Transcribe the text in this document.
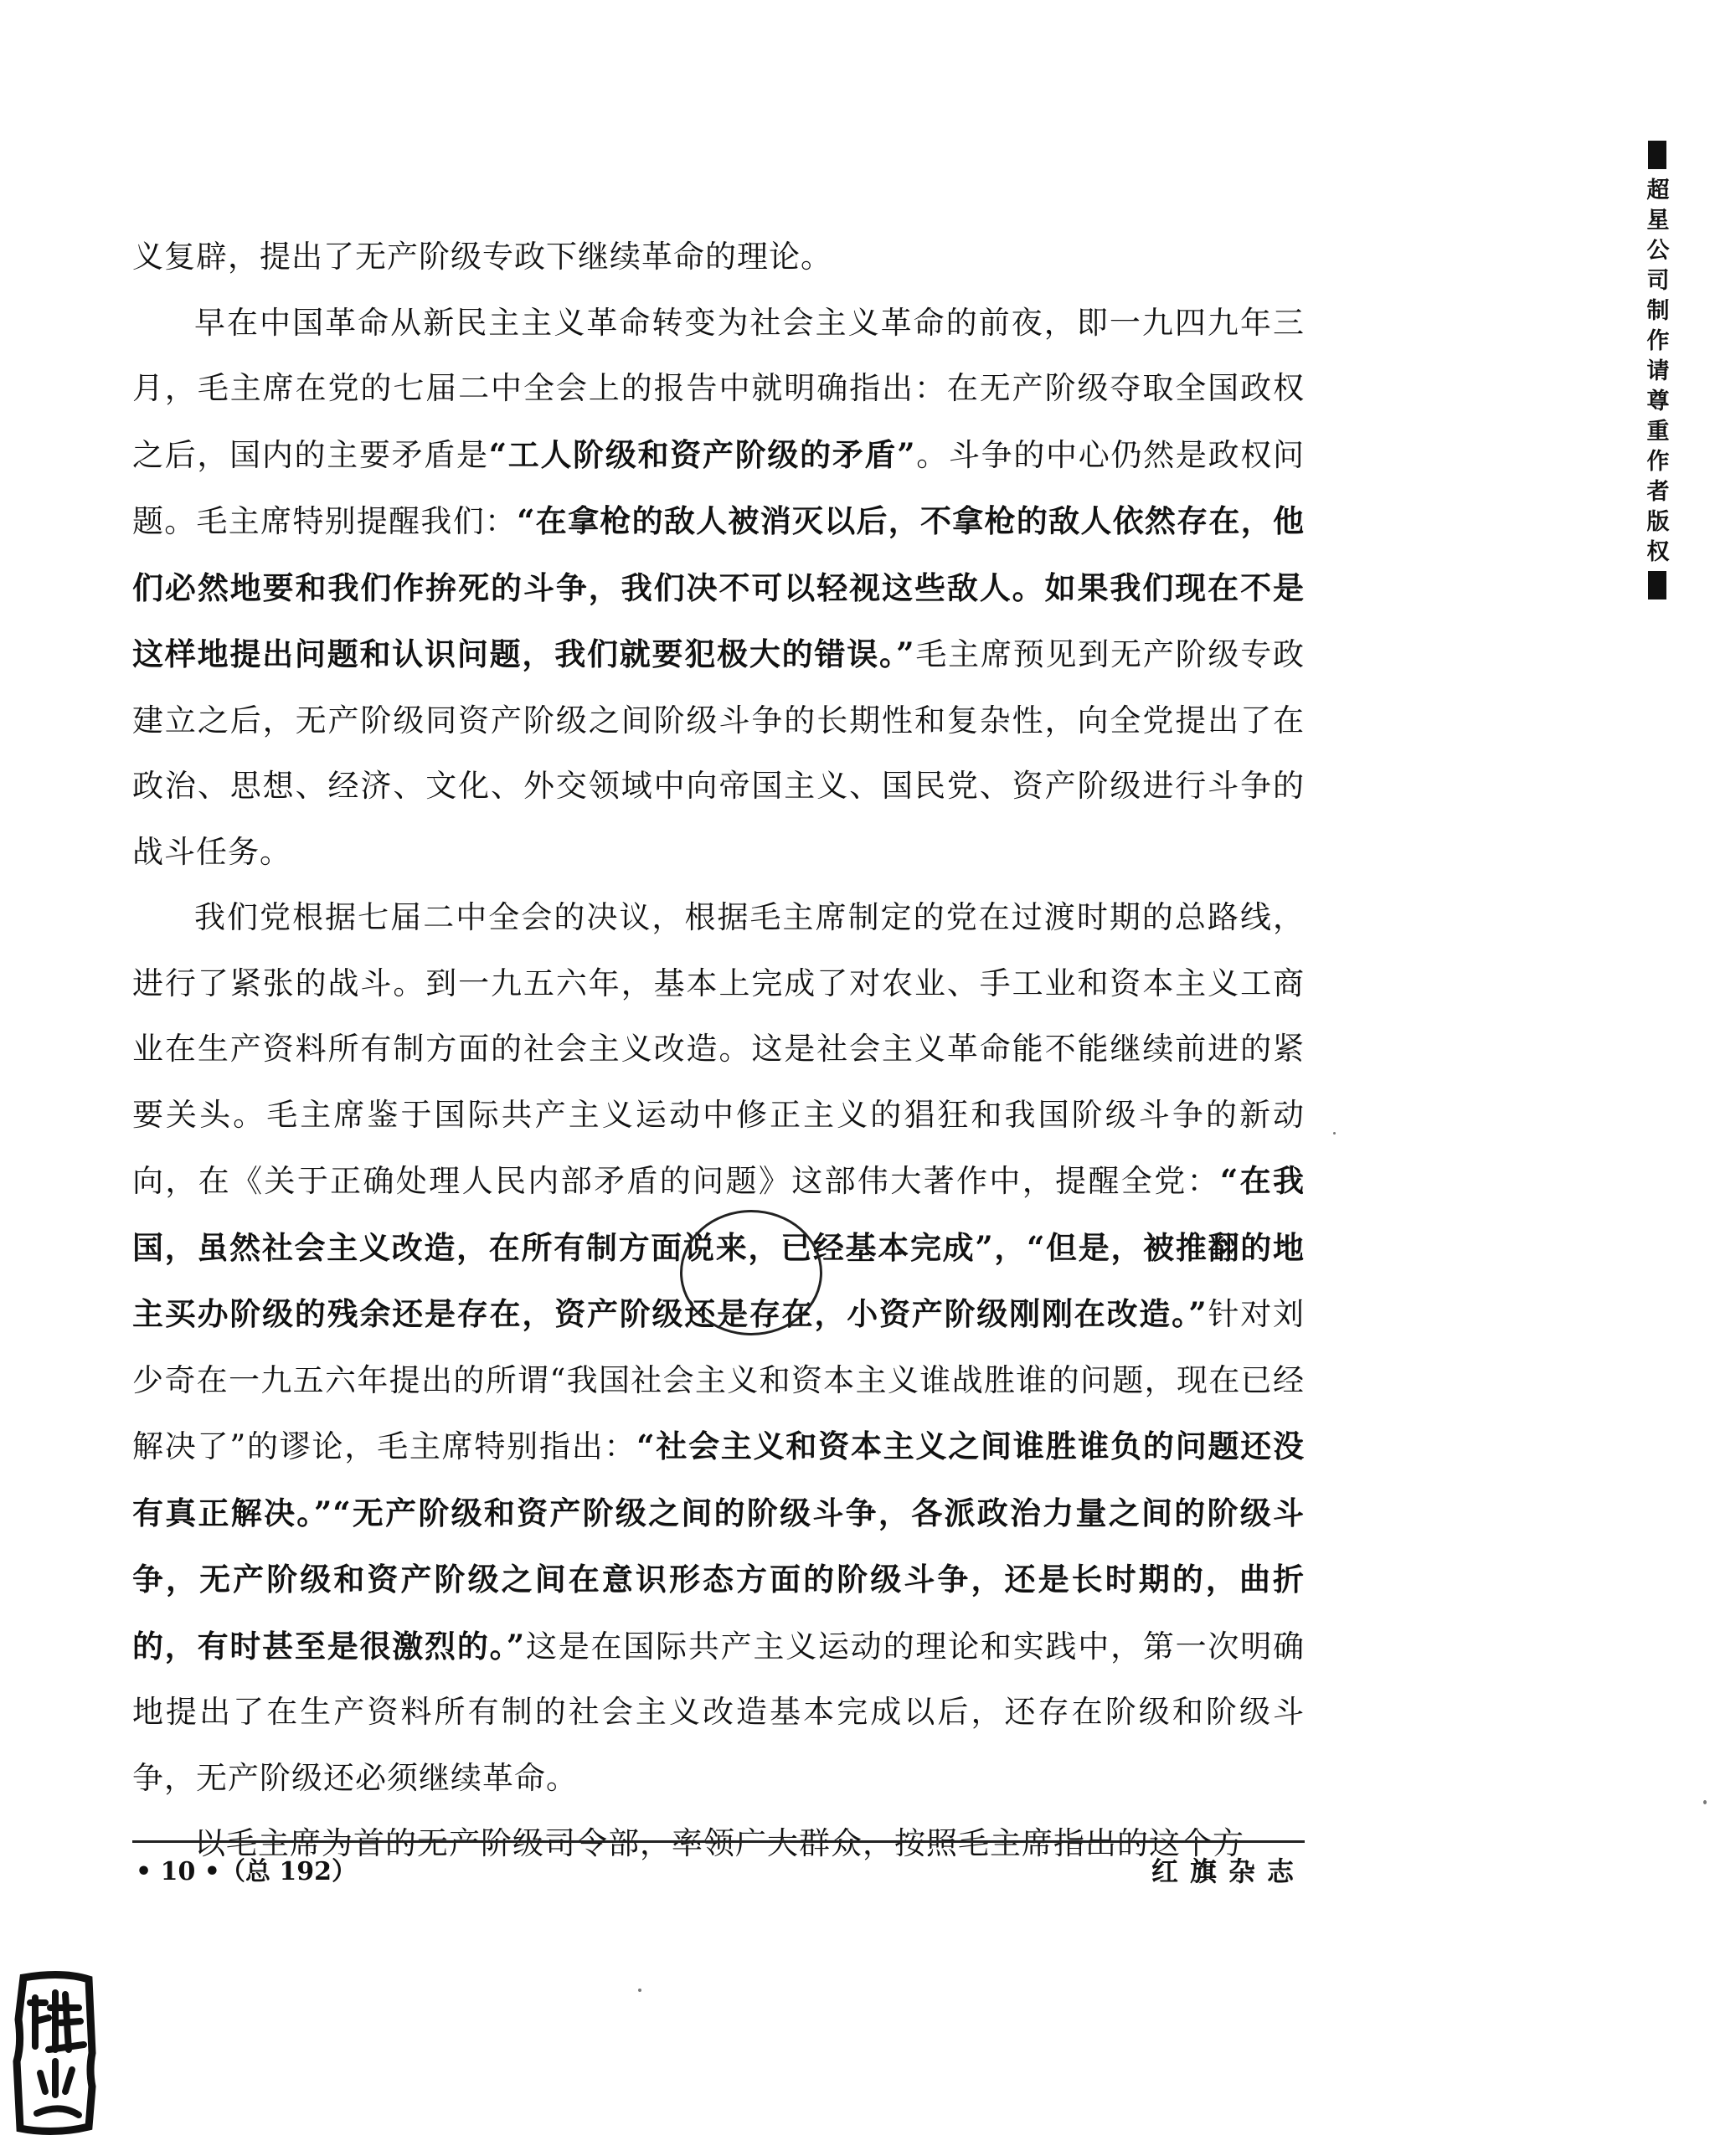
义复辟，提出了无产阶级专政下继续革命的理论。

早在中国革命从新民主主义革命转变为社会主义革命的前夜，即一九四九年三月，毛主席在党的七届二中全会上的报告中就明确指出：在无产阶级夺取全国政权之后，国内的主要矛盾是“工人阶级和资产阶级的矛盾”。斗争的中心仍然是政权问题。毛主席特别提醒我们：“在拿枪的敌人被消灭以后，不拿枪的敌人依然存在，他们必然地要和我们作拚死的斗争，我们决不可以轻视这些敌人。如果我们现在不是这样地提出问题和认识问题，我们就要犯极大的错误。”毛主席预见到无产阶级专政建立之后，无产阶级同资产阶级之间阶级斗争的长期性和复杂性，向全党提出了在政治、思想、经济、文化、外交领域中向帝国主义、国民党、资产阶级进行斗争的战斗任务。

我们党根据七届二中全会的决议，根据毛主席制定的党在过渡时期的总路线，进行了紧张的战斗。到一九五六年，基本上完成了对农业、手工业和资本主义工商业在生产资料所有制方面的社会主义改造。这是社会主义革命能不能继续前进的紧要关头。毛主席鉴于国际共产主义运动中修正主义的猖狂和我国阶级斗争的新动向，在《关于正确处理人民内部矛盾的问题》这部伟大著作中，提醒全党：“在我国，虽然社会主义改造，在所有制方面说来，已经基本完成”，“但是，被推翻的地主买办阶级的残余还是存在，资产阶级还是存在，小资产阶级刚刚在改造。”针对刘少奇在一九五六年提出的所谓“我国社会主义和资本主义谁战胜谁的问题，现在已经解决了”的谬论，毛主席特别指出：“社会主义和资本主义之间谁胜谁负的问题还没有真正解决。”“无产阶级和资产阶级之间的阶级斗争，各派政治力量之间的阶级斗争，无产阶级和资产阶级之间在意识形态方面的阶级斗争，还是长时期的，曲折的，有时甚至是很激烈的。”这是在国际共产主义运动的理论和实践中，第一次明确地提出了在生产资料所有制的社会主义改造基本完成以后，还存在阶级和阶级斗争，无产阶级还必须继续革命。

以毛主席为首的无产阶级司令部，率领广大群众，按照毛主席指出的这个方

• 10 •（总 192）	红旗杂志
超星公司制作请尊重作者版权
